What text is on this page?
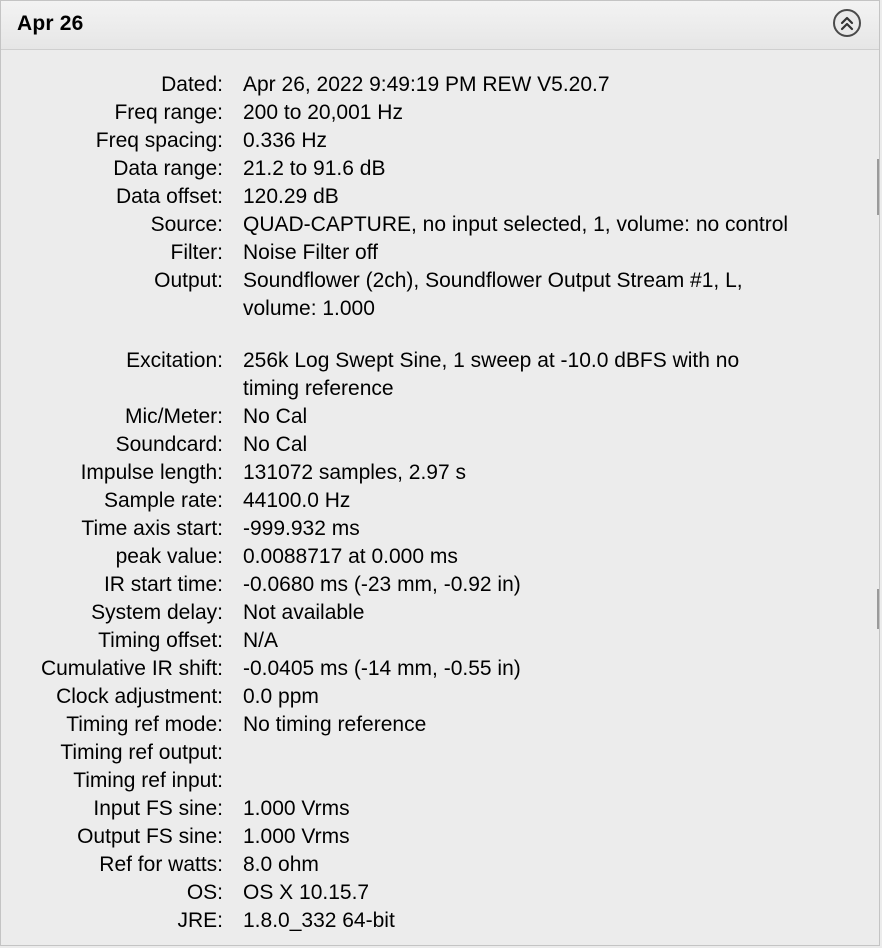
Apr 26
Dated: Apr 26, 2022 9:49:19 PM REW V5.20.7
Freq range: 200 to 20,001 Hz
Freq spacing: 0.336 Hz
Data range: 21.2 to 91.6 dB
Data offset: 120.29 dB
Source: QUAD-CAPTURE, no input selected, 1, volume: no control
Filter: Noise Filter off
Output: Soundflower (2ch), Soundflower Output Stream #1, L,
volume: 1.000
Excitation: 256k Log Swept Sine, 1 sweep at -10.0 dBFS with no
timing reference
Mic/Meter: No Cal
Soundcard: No Cal
Impulse length: 131072 samples, 2.97 s
Sample rate: 44100.0 Hz
Time axis start: -999.932 ms
peak value: 0.0088717 at 0.000 ms
IR start time: -0.0680 ms (-23 mm, -0.92 in)
System delay: Not available
Timing offset: N/A
Cumulative IR shift: -0.0405 ms (-14 mm, -0.55 in)
Clock adjustment: 0.0 ppm
Timing ref mode: No timing reference
Timing ref output:
Timing ref input:
Input FS sine: 1.000 Vrms
Output FS sine: 1.000 Vrms
Ref for watts: 8.0 ohm
OS: OS X 10.15.7
JRE: 1.8.0_332 64-bit
